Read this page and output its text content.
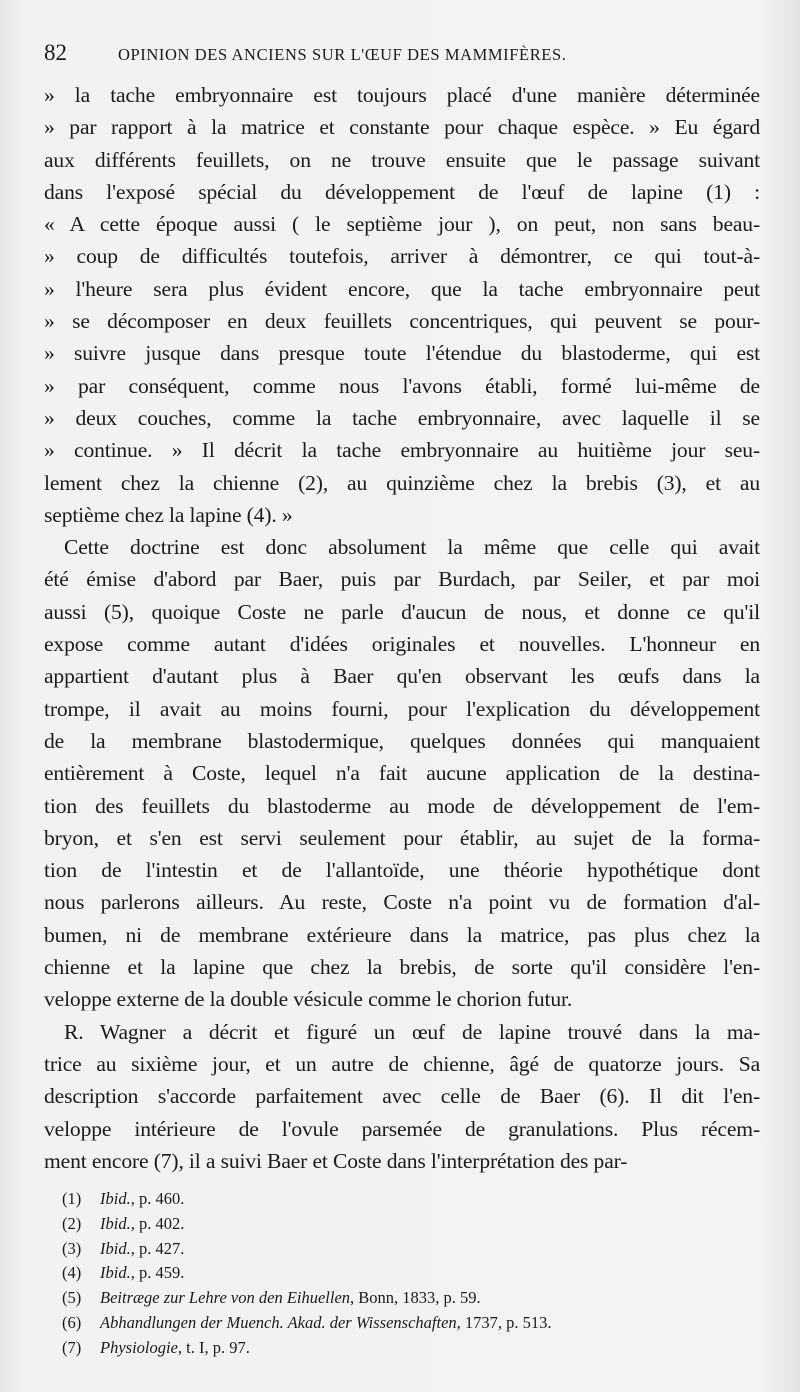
82	OPINION DES ANCIENS SUR L'ŒUF DES MAMMIFÈRES.
» la tache embryonnaire est toujours placé d'une manière déterminée
» par rapport à la matrice et constante pour chaque espèce. » Eu égard
aux différents feuillets, on ne trouve ensuite que le passage suivant
dans l'exposé spécial du développement de l'œuf de lapine (1) :
« A cette époque aussi ( le septième jour ), on peut, non sans beau-
» coup de difficultés toutefois, arriver à démontrer, ce qui tout-à-
» l'heure sera plus évident encore, que la tache embryonnaire peut
» se décomposer en deux feuillets concentriques, qui peuvent se pour-
» suivre jusque dans presque toute l'étendue du blastoderme, qui est
» par conséquent, comme nous l'avons établi, formé lui-même de
» deux couches, comme la tache embryonnaire, avec laquelle il se
» continue. » Il décrit la tache embryonnaire au huitième jour seu-
lement chez la chienne (2), au quinzième chez la brebis (3), et au
septième chez la lapine (4). »
Cette doctrine est donc absolument la même que celle qui avait
été émise d'abord par Baer, puis par Burdach, par Seiler, et par moi
aussi (5), quoique Coste ne parle d'aucun de nous, et donne ce qu'il
expose comme autant d'idées originales et nouvelles. L'honneur en
appartient d'autant plus à Baer qu'en observant les œufs dans la
trompe, il avait au moins fourni, pour l'explication du développement
de la membrane blastodermique, quelques données qui manquaient
entièrement à Coste, lequel n'a fait aucune application de la destina-
tion des feuillets du blastoderme au mode de développement de l'em-
bryon, et s'en est servi seulement pour établir, au sujet de la forma-
tion de l'intestin et de l'allantoïde, une théorie hypothétique dont
nous parlerons ailleurs. Au reste, Coste n'a point vu de formation d'al-
bumen, ni de membrane extérieure dans la matrice, pas plus chez la
chienne et la lapine que chez la brebis, de sorte qu'il considère l'en-
veloppe externe de la double vésicule comme le chorion futur.
R. Wagner a décrit et figuré un œuf de lapine trouvé dans la ma-
trice au sixième jour, et un autre de chienne, âgé de quatorze jours. Sa
description s'accorde parfaitement avec celle de Baer (6). Il dit l'en-
veloppe intérieure de l'ovule parsemée de granulations. Plus récem-
ment encore (7), il a suivi Baer et Coste dans l'interprétation des par-
(1) Ibid., p. 460.
(2) Ibid., p. 402.
(3) Ibid., p. 427.
(4) Ibid., p. 459.
(5) Beitræge zur Lehre von den Eihuellen, Bonn, 1833, p. 59.
(6) Abhandlungen der Muench. Akad. der Wissenschaften, 1737, p. 513.
(7) Physiologie, t. I, p. 97.
